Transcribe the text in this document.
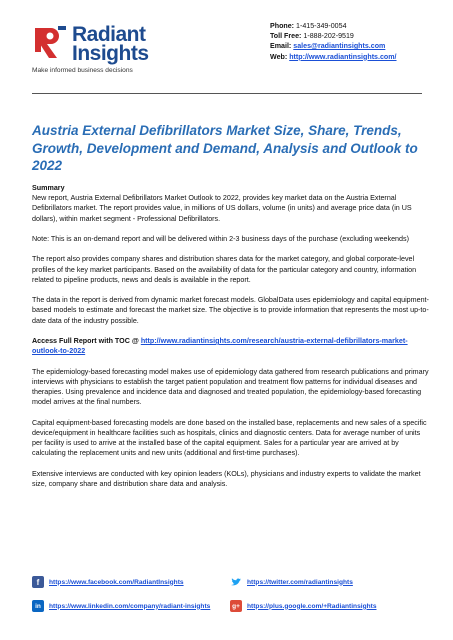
Radiant
Insights
Make informed business decisions
Phone: 1-415-349-0054
Toll Free: 1-888-202-9519
Email: sales@radiantinsights.com
Web: http://www.radiantinsights.com/
Austria External Defibrillators Market Size, Share, Trends, Growth, Development and Demand, Analysis and Outlook to 2022

Summary

New report, Austria External Defibrillators Market Outlook to 2022, provides key market data on the Austria External Defibrillators market. The report provides value, in millions of US dollars, volume (in units) and average price data (in US dollars), within market segment - Professional Defibrillators.

Note: This is an on-demand report and will be delivered within 2-3 business days of the purchase (excluding weekends)

The report also provides company shares and distribution shares data for the market category, and global corporate-level profiles of the key market participants. Based on the availability of data for the particular category and country, information related to pipeline products, news and deals is available in the report.

The data in the report is derived from dynamic market forecast models. GlobalData uses epidemiology and capital equipment-based models to estimate and forecast the market size. The objective is to provide information that represents the most up-to-date data of the industry possible.

Access Full Report with TOC @ http://www.radiantinsights.com/research/austria-external-defibrillators-market-outlook-to-2022

The epidemiology-based forecasting model makes use of epidemiology data gathered from research publications and primary interviews with physicians to establish the target patient population and treatment flow patterns for individual diseases and therapies. Using prevalence and incidence data and diagnosed and treated population, the epidemiology-based forecasting model arrives at the final numbers.

Capital equipment-based forecasting models are done based on the installed base, replacements and new sales of a specific device/equipment in healthcare facilities such as hospitals, clinics and diagnostic centers. Data for average number of units per facility is used to arrive at the installed base of the capital equipment. Sales for a particular year are arrived at by calculating the replacement units and new units (additional and first-time purchases).

Extensive interviews are conducted with key opinion leaders (KOLs), physicians and industry experts to validate the market size, company share and distribution share data and analysis.

f	https://www.facebook.com/RadiantInsights	https://twitter.com/radiantinsights
in	https://www.linkedin.com/company/radiant-insights	g+	https://plus.google.com/+Radiantinsights
